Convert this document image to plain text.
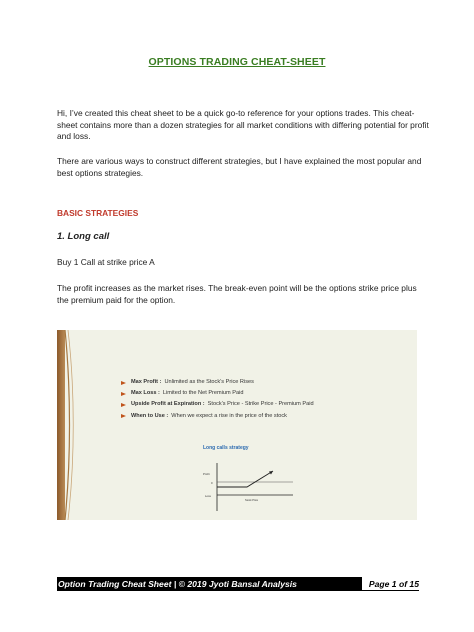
OPTIONS TRADING CHEAT-SHEET

Hi, I’ve created this cheat sheet to be a quick go-to reference for your options trades. This cheat-sheet contains more than a dozen strategies for all market conditions with differing potential for profit and loss.

There are various ways to construct different strategies, but I have explained the most popular and best options strategies.

BASIC STRATEGIES

1. Long call

Buy 1 Call at strike price A

The profit increases as the market rises. The break-even point will be the options strike price plus the premium paid for the option.

Max Profit : Unlimited as the Stock’s Price Rises
Max Loss : Limited to the Net Premium Paid
Upside Profit at Expiration : Stock’s Price - Strike Price - Premium Paid
When to Use : When we expect a rise in the price of the stock
Long calls strategy
Profit
0
Loss
Stock Price
Option Trading Cheat Sheet | © 2019 Jyoti Bansal Analysis	Page 1 of 15
